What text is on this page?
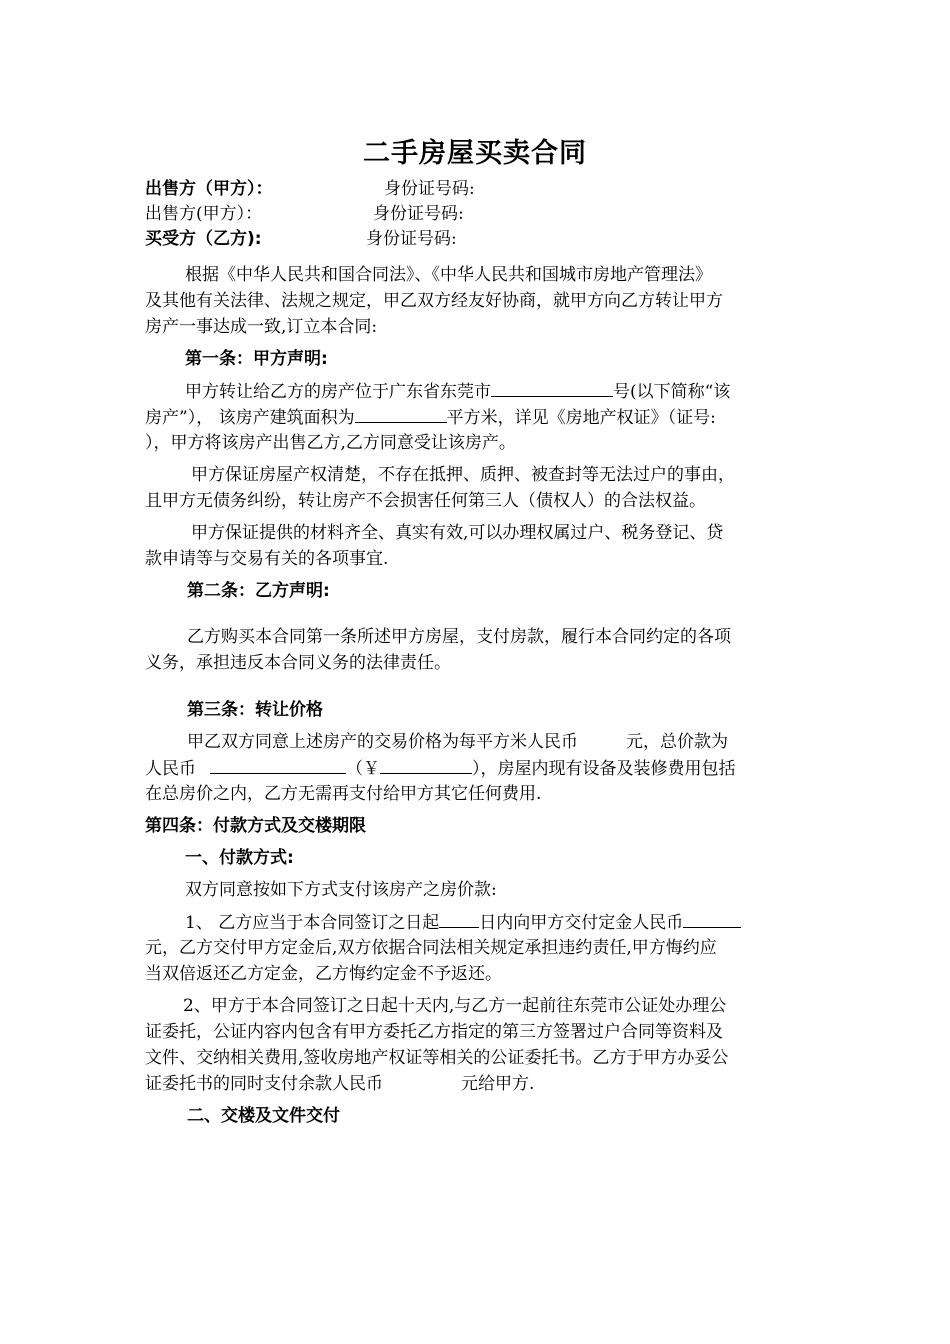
二手房屋买卖合同
出售方（甲方）：	身份证号码:
出售方(甲方）：	身份证号码:
买受方（乙方):	身份证号码:
根据《中华人民共和国合同法》、《中华人民共和国城市房地产管理法》
及其他有关法律、法规之规定，甲乙双方经友好协商，就甲方向乙方转让甲方
房产一事达成一致,订立本合同:
第一条：甲方声明:
甲方转让给乙方的房产位于广东省东莞市	号(以下简称“该
房产”）， 该房产建筑面积为	平方米，详见《房地产权证》（证号:
），甲方将该房产出售乙方,乙方同意受让该房产。
甲方保证房屋产权清楚，不存在抵押、质押、被查封等无法过户的事由，
且甲方无债务纠纷，转让房产不会损害任何第三人（债权人）的合法权益。
甲方保证提供的材料齐全、真实有效,可以办理权属过户、税务登记、贷
款申请等与交易有关的各项事宜.
第二条：乙方声明:
乙方购买本合同第一条所述甲方房屋，支付房款，履行本合同约定的各项
义务，承担违反本合同义务的法律责任。
第三条：转让价格
甲乙双方同意上述房产的交易价格为每平方米人民币	元，总价款为
人民币	（￥	），房屋内现有设备及装修费用包括
在总房价之内，乙方无需再支付给甲方其它任何费用.
第四条：付款方式及交楼期限
一、付款方式:
双方同意按如下方式支付该房产之房价款:
1、 乙方应当于本合同签订之日起 日内向甲方交付定金人民币
元，乙方交付甲方定金后,双方依据合同法相关规定承担违约责任,甲方悔约应
当双倍返还乙方定金，乙方悔约定金不予返还。
2、甲方于本合同签订之日起十天内,与乙方一起前往东莞市公证处办理公
证委托，公证内容内包含有甲方委托乙方指定的第三方签署过户合同等资料及
文件、交纳相关费用,签收房地产权证等相关的公证委托书。乙方于甲方办妥公
证委托书的同时支付余款人民币	元给甲方.
二、交楼及文件交付
